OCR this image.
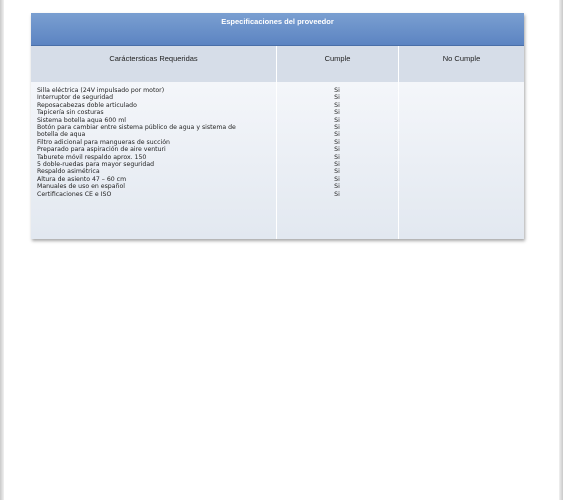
Especificaciones del proveedor
Caráctersticas Requeridas	Cumple	No Cumple
Silla eléctrica (24V impulsado por motor)
Interruptor de seguridad
Reposacabezas doble articulado
Tapicería sin costuras
Sistema botella aqua 600 ml
Botón para cambiar entre sistema público de agua y sistema de
botella de aqua
Filtro adicional para mangueras de succión
Preparado para aspiración de aire venturi
Taburete móvil respaldo aprox. 150
5 doble-ruedas para mayor seguridad
Respaldo asimétrica
Altura de asiento 47 – 60 cm
Manuales de uso en español
Certificaciones CE e ISO
Si
Si
Si
Si
Si
Si
Si
Si
Si
Si
Si
Si
Si
Si
Si
